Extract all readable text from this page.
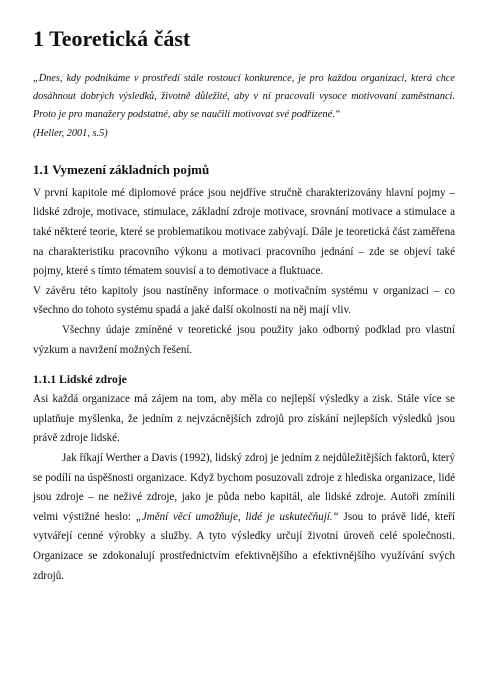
1 Teoretická část
„Dnes, kdy podnikáme v prostředí stále rostoucí konkurence, je pro každou organizaci, která chce dosáhnout dobrých výsledků, životně důležité, aby v ní pracovali vysoce motivovaní zaměstnanci. Proto je pro manažery podstatné, aby se naučili motivovat své podřízené.“
(Heller, 2001, s.5)
1.1 Vymezení základních pojmů

V první kapitole mé diplomové práce jsou nejdříve stručně charakterizovány hlavní pojmy – lidské zdroje, motivace, stimulace, základní zdroje motivace, srovnání motivace a stimulace a také některé teorie, které se problematikou motivace zabývají. Dále je teoretická část zaměřena na charakteristiku pracovního výkonu a motivaci pracovního jednání – zde se objeví také pojmy, které s tímto tématem souvisí a to demotivace a fluktuace.

V závěru této kapitoly jsou nastíněny informace o motivačním systému v organizaci – co všechno do tohoto systému spadá a jaké další okolnosti na něj mají vliv.

Všechny údaje zmíněné v teoretické jsou použity jako odborný podklad pro vlastní výzkum a navržení možných řešení.

1.1.1 Lidské zdroje

Asi každá organizace má zájem na tom, aby měla co nejlepší výsledky a zisk. Stále více se uplatňuje myšlenka, že jedním z nejvzácnějších zdrojů pro získání nejlepších výsledků jsou právě zdroje lidské.

Jak říkají Werther a Davis (1992), lidský zdroj je jedním z nejdůležitějších faktorů, který se podílí na úspěšnosti organizace. Když bychom posuzovali zdroje z hlediska organizace, lidé jsou zdroje – ne neživé zdroje, jako je půda nebo kapitál, ale lidské zdroje. Autoři zmínili velmi výstižné heslo: „Jmění věcí umožňuje, lidé je uskutečňují.“ Jsou to právě lidé, kteří vytvářejí cenné výrobky a služby. A tyto výsledky určují životní úroveň celé společnosti. Organizace se zdokonalují prostřednictvím efektivnějšího a efektivnějšího využívání svých zdrojů.
